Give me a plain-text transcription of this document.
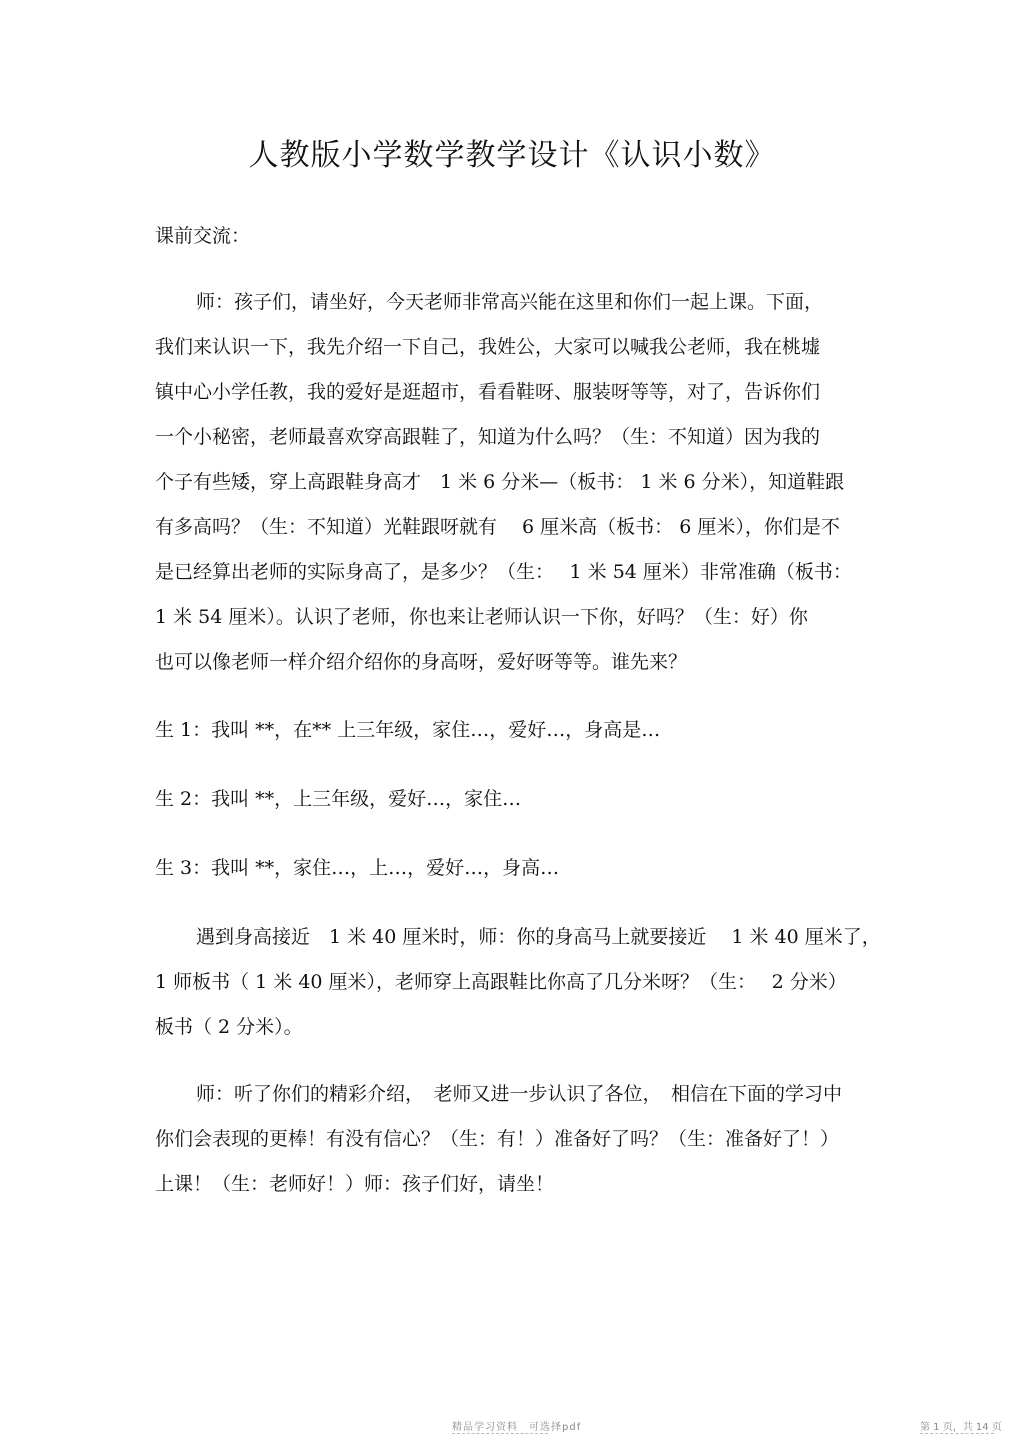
人教版小学数学教学设计《认识小数》
课前交流：
师：孩子们，请坐好，今天老师非常高兴能在这里和你们一起上课。下面，
我们来认识一下，我先介绍一下自己，我姓公，大家可以喊我公老师，我在桃墟
镇中心小学任教，我的爱好是逛超市，看看鞋呀、服装呀等等，对了，告诉你们
一个小秘密，老师最喜欢穿高跟鞋了，知道为什么吗？（生：不知道）因为我的
个子有些矮，穿上高跟鞋身高才　1 米 6 分米—（板书： 1 米 6 分米），知道鞋跟
有多高吗？（生：不知道）光鞋跟呀就有　 6 厘米高（板书： 6 厘米），你们是不
是已经算出老师的实际身高了，是多少？（生：　 1 米 54 厘米）非常准确（板书：
1 米 54 厘米）。认识了老师，你也来让老师认识一下你，好吗？（生：好）你
也可以像老师一样介绍介绍你的身高呀，爱好呀等等。谁先来？
生 1：我叫 **，在** 上三年级，家住…，爱好…，身高是…
生 2：我叫 **，上三年级，爱好…，家住…
生 3：我叫 **，家住…，上…，爱好…，身高…
遇到身高接近　1 米 40 厘米时，师：你的身高马上就要接近　 1 米 40 厘米了，
1 师板书（ 1 米 40 厘米），老师穿上高跟鞋比你高了几分米呀？（生：　 2 分米）
板书（ 2 分米）。
师：听了你们的精彩介绍，　老师又进一步认识了各位，　相信在下面的学习中
你们会表现的更棒！有没有信心？（生：有！）准备好了吗？（生：准备好了！）
上课！（生：老师好！）师：孩子们好，请坐！
精品学习资料　可选择pdf	第 1 页，共 14 页
